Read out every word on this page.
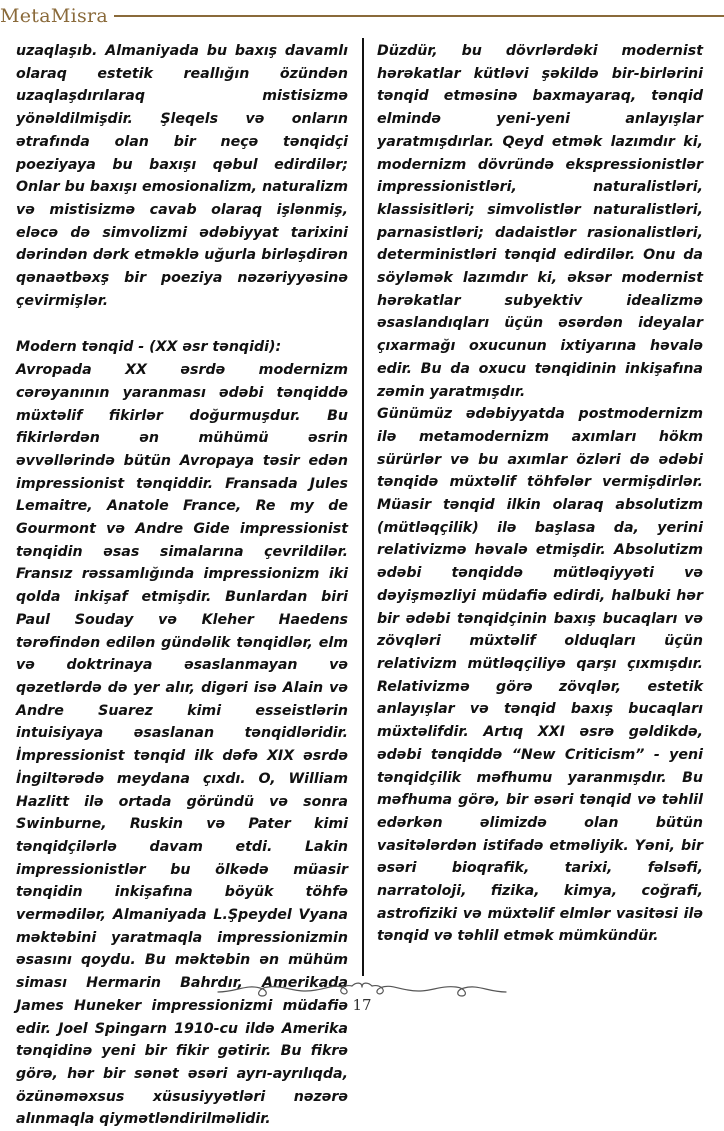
MetaMisra

uzaqlaşıb. Almaniyada bu baxış davamlı olaraq estetik reallığın özündən uzaqlaşdırılaraq mistisizmə yönəldilmişdir. Şleqels və onların ətrafında olan bir neçə tənqidçi poeziyaya bu baxışı qəbul edirdilər; Onlar bu baxışı emosionalizm, naturalizm və mistisizmə cavab olaraq işlənmiş, eləcə də simvolizmi ədəbiyyat tarixini dərindən dərk etməklə uğurla birləşdirən qənaətbəxş bir poeziya nəzəriyyəsinə çevirmişlər.

Modern tənqid - (XX əsr tənqidi):

Avropada XX əsrdə modernizm cərəyanının yaranması ədəbi tənqiddə müxtəlif fikirlər doğurmuşdur. Bu fikirlərdən ən mühümü əsrin əvvəllərində bütün Avropaya təsir edən impressionist tənqiddir. Fransada Jules Lemaitre, Anatole France, Re my de Gourmont və Andre Gide impressionist tənqidin əsas simalarına çevrildilər. Fransız rəssamlığında impressionizm iki qolda inkişaf etmişdir. Bunlardan biri Paul Souday və Kleher Haedens tərəfindən edilən gündəlik tənqidlər, elm və doktrinaya əsaslanmayan və qəzetlərdə də yer alır, digəri isə Alain və Andre Suarez kimi esseistlərin intuisiyaya əsaslanan tənqidləridir. İmpressionist tənqid ilk dəfə XIX əsrdə İngiltərədə meydana çıxdı. O, William Hazlitt ilə ortada göründü və sonra Swinburne, Ruskin və Pater kimi tənqidçilərlə davam etdi. Lakin impressionistlər bu ölkədə müasir tənqidin inkişafına böyük töhfə vermədilər, Almaniyada L.Şpeydel Vyana məktəbini yaratmaqla impressionizmin əsasını qoydu. Bu məktəbin ən mühüm siması Hermarin Bahrdır, Amerikada James Huneker impressionizmi müdafiə edir. Joel Spingarn 1910-cu ildə Amerika tənqidinə yeni bir fikir gətirir. Bu fikrə görə, hər bir sənət əsəri ayrı-ayrılıqda, özünəməxsus xüsusiyyətləri nəzərə alınmaqla qiymətləndirilməlidir.

Düzdür, bu dövrlərdəki modernist hərəkatlar kütləvi şəkildə bir-birlərini tənqid etməsinə baxmayaraq, tənqid elmində yeni-yeni anlayışlar yaratmışdırlar. Qeyd etmək lazımdır ki, modernizm dövründə ekspressionistlər impressionistləri, naturalistləri, klassisitləri; simvolistlər naturalistləri, parnasistləri; dadaistlər rasionalistləri, deterministləri tənqid edirdilər. Onu da söyləmək lazımdır ki, əksər modernist hərəkatlar subyektiv idealizmə əsaslandıqları üçün əsərdən ideyalar çıxarmağı oxucunun ixtiyarına həvalə edir. Bu da oxucu tənqidinin inkişafına zəmin yaratmışdır.

Günümüz ədəbiyyatda postmodernizm ilə metamodernizm axımları hökm sürürlər və bu axımlar özləri də ədəbi tənqidə müxtəlif töhfələr vermişdirlər. Müasir tənqid ilkin olaraq absolutizm (mütləqçilik) ilə başlasa da, yerini relativizmə həvalə etmişdir. Absolutizm ədəbi tənqiddə mütləqiyyəti və dəyişməzliyi müdafiə edirdi, halbuki hər bir ədəbi tənqidçinin baxış bucaqları və zövqləri müxtəlif olduqları üçün relativizm mütləqçiliyə qarşı çıxmışdır. Relativizmə görə zövqlər, estetik anlayışlar və tənqid baxış bucaqları müxtəlifdir. Artıq XXI əsrə gəldikdə, ədəbi tənqiddə “New Criticism” - yeni tənqidçilik məfhumu yaranmışdır. Bu məfhuma görə, bir əsəri tənqid və təhlil edərkən əlimizdə olan bütün vasitələrdən istifadə etməliyik. Yəni, bir əsəri bioqrafik, tarixi, fəlsəfi, narratoloji, fizika, kimya, coğrafi, astrofiziki və müxtəlif elmlər vasitəsi ilə tənqid və təhlil etmək mümkündür.

17
